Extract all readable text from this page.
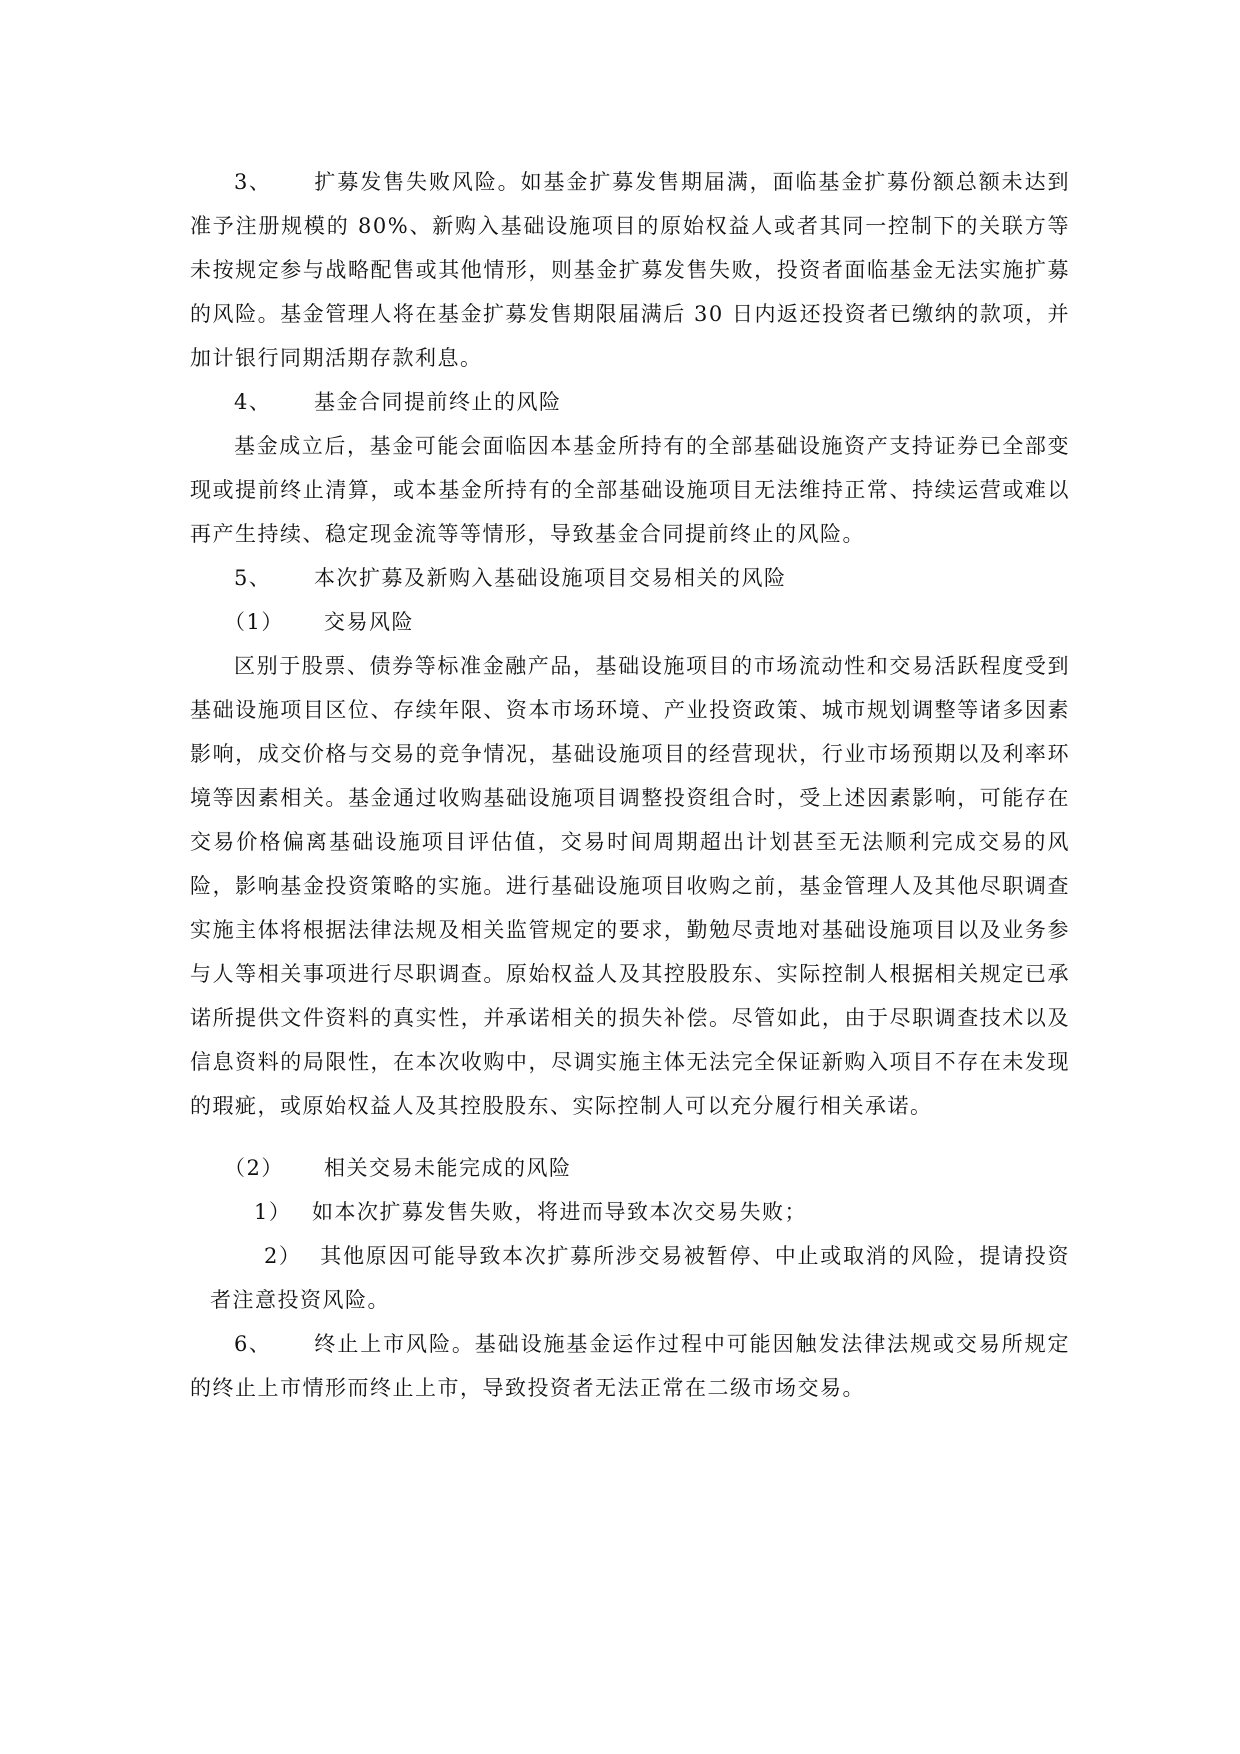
3、 扩募发售失败风险。如基金扩募发售期届满，面临基金扩募份额总额未达到准予注册规模的 80%、新购入基础设施项目的原始权益人或者其同一控制下的关联方等未按规定参与战略配售或其他情形，则基金扩募发售失败，投资者面临基金无法实施扩募的风险。基金管理人将在基金扩募发售期限届满后 30 日内返还投资者已缴纳的款项，并加计银行同期活期存款利息。

4、	基金合同提前终止的风险

基金成立后，基金可能会面临因本基金所持有的全部基础设施资产支持证券已全部变现或提前终止清算，或本基金所持有的全部基础设施项目无法维持正常、持续运营或难以再产生持续、稳定现金流等等情形，导致基金合同提前终止的风险。

5、	本次扩募及新购入基础设施项目交易相关的风险

（1）	交易风险

区别于股票、债券等标准金融产品，基础设施项目的市场流动性和交易活跃程度受到基础设施项目区位、存续年限、资本市场环境、产业投资政策、城市规划调整等诸多因素影响，成交价格与交易的竞争情况，基础设施项目的经营现状，行业市场预期以及利率环境等因素相关。基金通过收购基础设施项目调整投资组合时，受上述因素影响，可能存在交易价格偏离基础设施项目评估值，交易时间周期超出计划甚至无法顺利完成交易的风险，影响基金投资策略的实施。进行基础设施项目收购之前，基金管理人及其他尽职调查实施主体将根据法律法规及相关监管规定的要求，勤勉尽责地对基础设施项目以及业务参与人等相关事项进行尽职调查。原始权益人及其控股股东、实际控制人根据相关规定已承诺所提供文件资料的真实性，并承诺相关的损失补偿。尽管如此，由于尽职调查技术以及信息资料的局限性，在本次收购中，尽调实施主体无法完全保证新购入项目不存在未发现的瑕疵，或原始权益人及其控股股东、实际控制人可以充分履行相关承诺。

（2）	相关交易未能完成的风险

1） 如本次扩募发售失败，将进而导致本次交易失败；

2） 其他原因可能导致本次扩募所涉交易被暂停、中止或取消的风险，提请投资者注意投资风险。

6、 终止上市风险。基础设施基金运作过程中可能因触发法律法规或交易所规定的终止上市情形而终止上市，导致投资者无法正常在二级市场交易。
